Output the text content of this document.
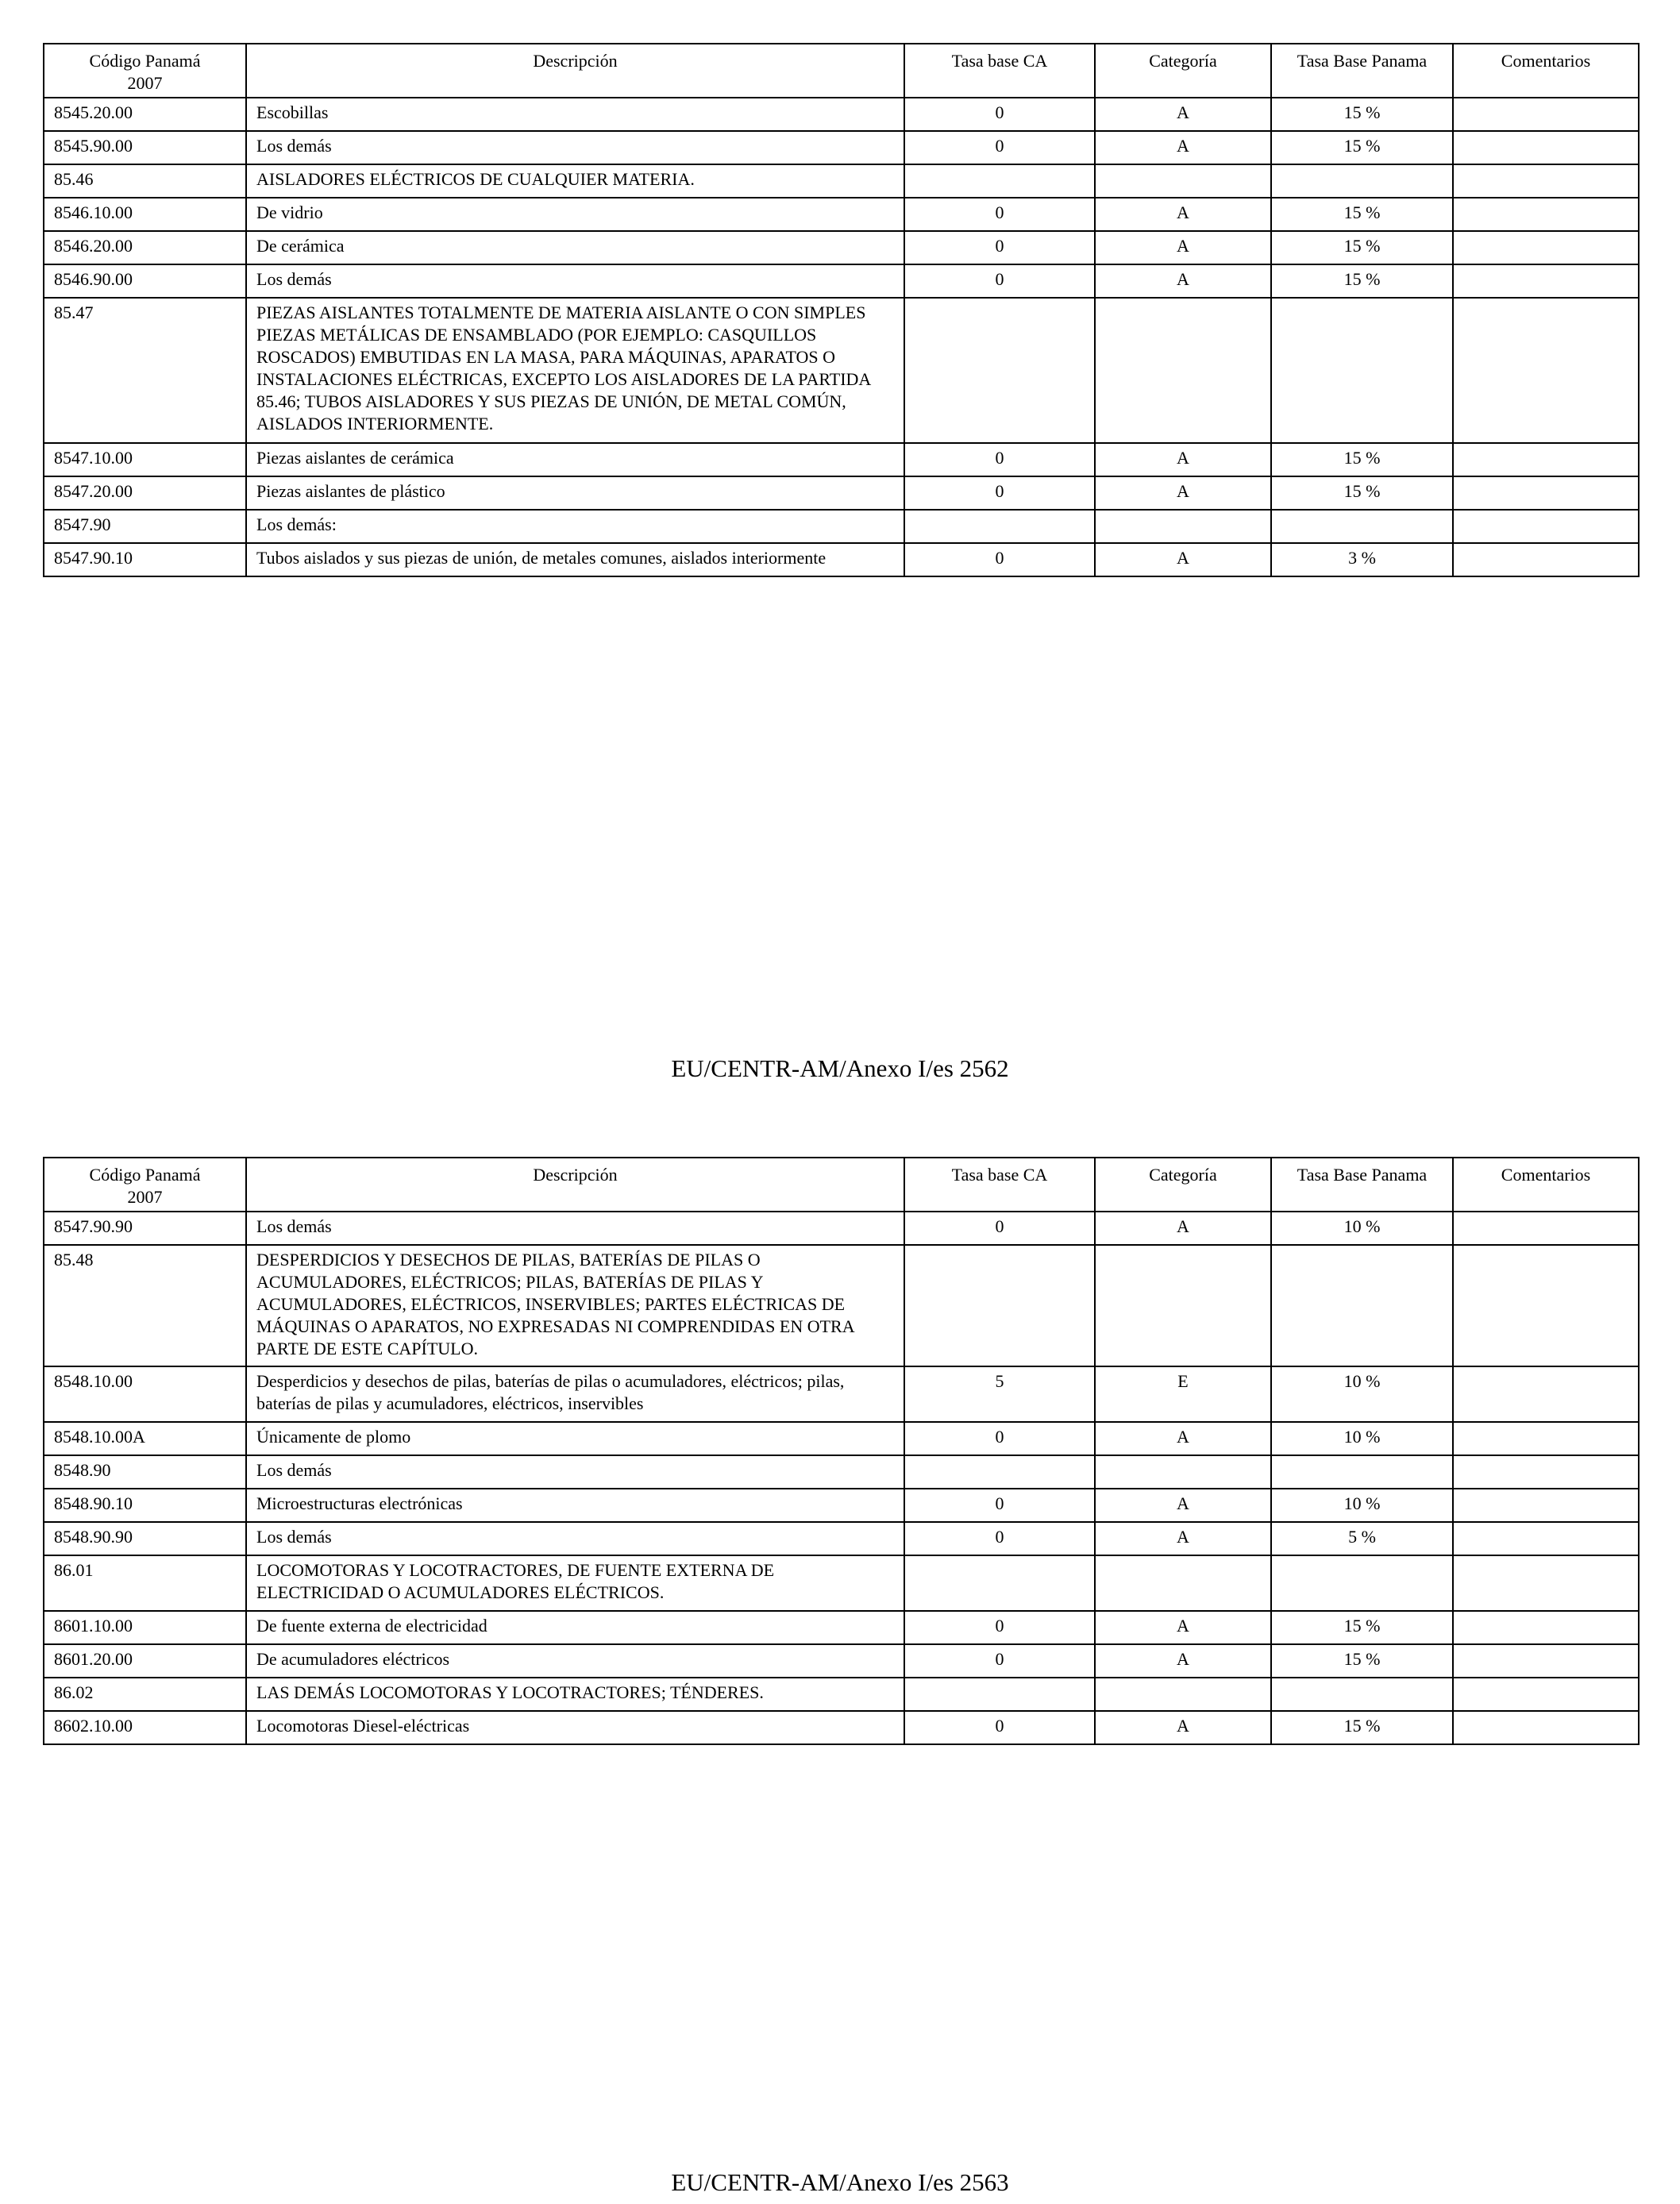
Código Panamá
2007	Descripción	Tasa base CA	Categoría	Tasa Base Panama	Comentarios
8545.20.00	Escobillas	0	A	15 %	
8545.90.00	Los demás	0	A	15 %	
85.46	AISLADORES ELÉCTRICOS DE CUALQUIER MATERIA.				
8546.10.00	De vidrio	0	A	15 %	
8546.20.00	De cerámica	0	A	15 %	
8546.90.00	Los demás	0	A	15 %	
85.47	PIEZAS AISLANTES TOTALMENTE DE MATERIA AISLANTE O CON SIMPLES PIEZAS METÁLICAS DE ENSAMBLADO (POR EJEMPLO: CASQUILLOS ROSCADOS) EMBUTIDAS EN LA MASA, PARA MÁQUINAS, APARATOS O INSTALACIONES ELÉCTRICAS, EXCEPTO LOS AISLADORES DE LA PARTIDA 85.46; TUBOS AISLADORES Y SUS PIEZAS DE UNIÓN, DE METAL COMÚN, AISLADOS INTERIORMENTE.				
8547.10.00	Piezas aislantes de cerámica	0	A	15 %	
8547.20.00	Piezas aislantes de plástico	0	A	15 %	
8547.90	Los demás:				
8547.90.10	Tubos aislados y sus piezas de unión, de metales comunes, aislados interiormente	0	A	3 %	
EU/CENTR-AM/Anexo I/es 2562
Código Panamá
2007	Descripción	Tasa base CA	Categoría	Tasa Base Panama	Comentarios
8547.90.90	Los demás	0	A	10 %	
85.48	DESPERDICIOS Y DESECHOS DE PILAS, BATERÍAS DE PILAS O ACUMULADORES, ELÉCTRICOS; PILAS, BATERÍAS DE PILAS Y ACUMULADORES, ELÉCTRICOS, INSERVIBLES; PARTES ELÉCTRICAS DE MÁQUINAS O APARATOS, NO EXPRESADAS NI COMPRENDIDAS EN OTRA PARTE DE ESTE CAPÍTULO.				
8548.10.00	Desperdicios y desechos de pilas, baterías de pilas o acumuladores, eléctricos; pilas, baterías de pilas y acumuladores, eléctricos, inservibles	5	E	10 %	
8548.10.00A	Únicamente de plomo	0	A	10 %	
8548.90	Los demás				
8548.90.10	Microestructuras electrónicas	0	A	10 %	
8548.90.90	Los demás	0	A	5 %	
86.01	LOCOMOTORAS Y LOCOTRACTORES, DE FUENTE EXTERNA DE ELECTRICIDAD O ACUMULADORES ELÉCTRICOS.				
8601.10.00	De fuente externa de electricidad	0	A	15 %	
8601.20.00	De acumuladores eléctricos	0	A	15 %	
86.02	LAS DEMÁS LOCOMOTORAS Y LOCOTRACTORES; TÉNDERES.				
8602.10.00	Locomotoras Diesel-eléctricas	0	A	15 %	
EU/CENTR-AM/Anexo I/es 2563
